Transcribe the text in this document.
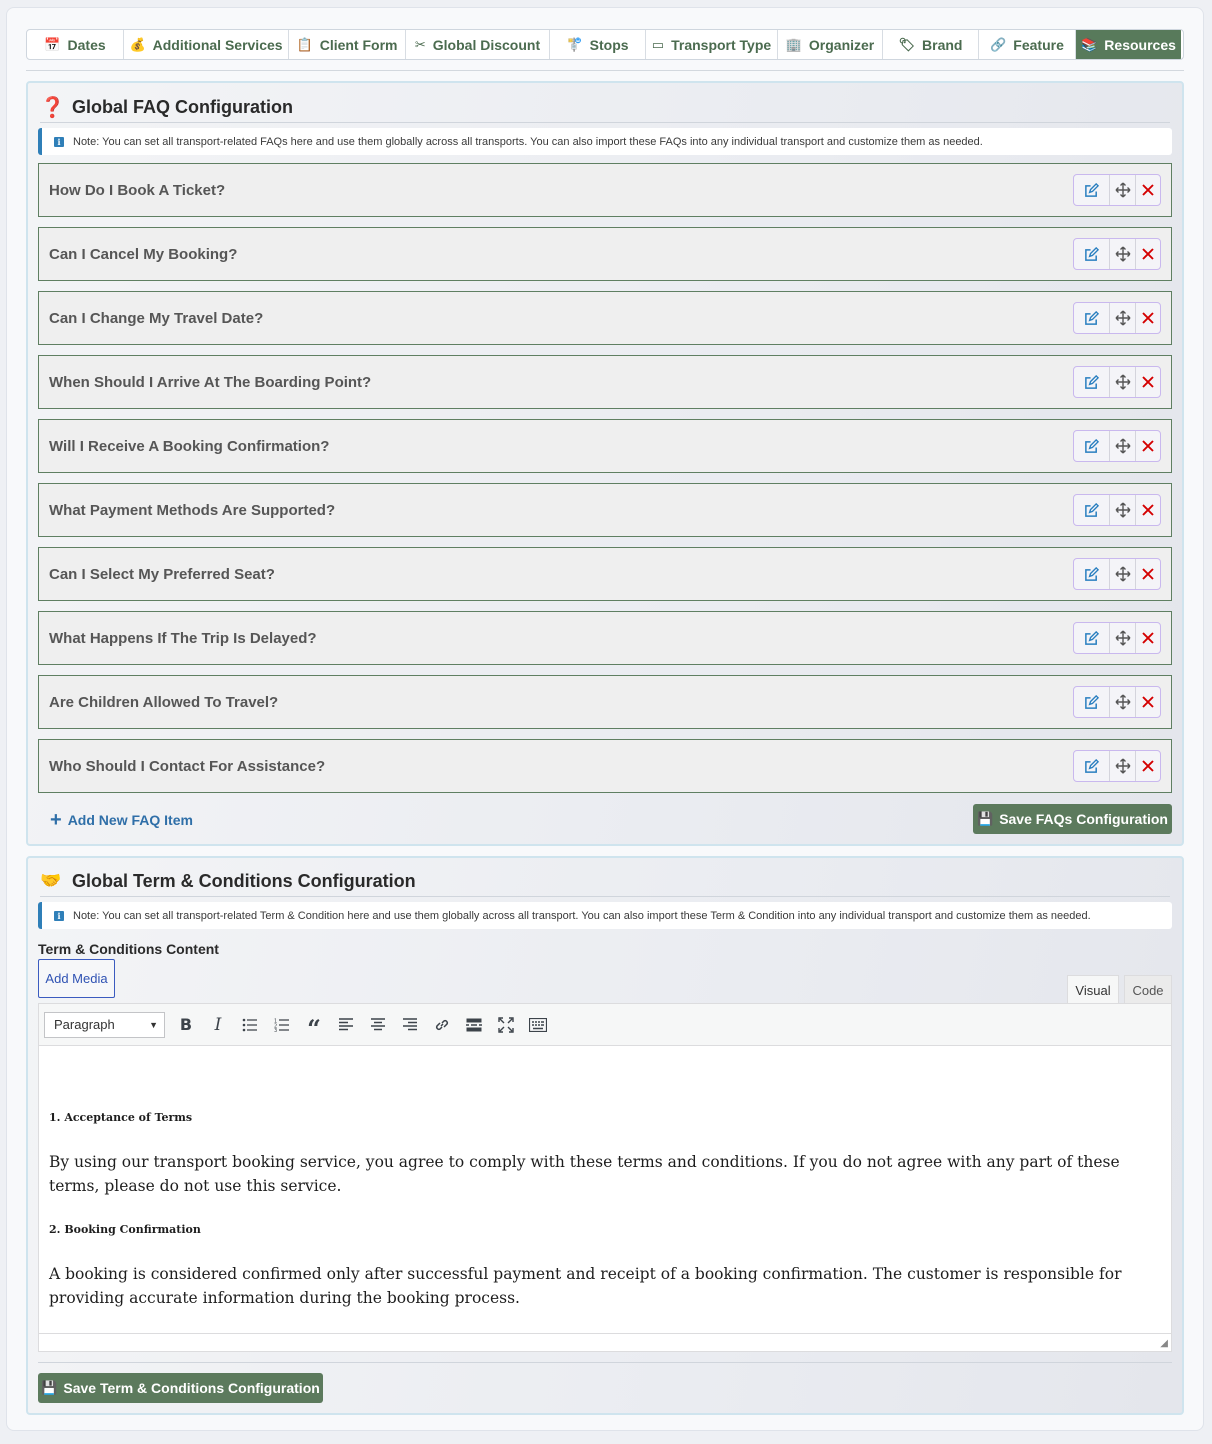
📅 Dates 💰 Additional Services 📋 Client Form ✂ Global Discount 🚏 Stops ▭ Transport Type 🏢 Organizer 🏷 Brand 🔗 Feature 📚 Resources
❓ Global FAQ Configuration
i	Note: You can set all transport-related FAQs here and use them globally across all transports. You can also import these FAQs into any individual transport and customize them as needed.
How Do I Book A Ticket?
Can I Cancel My Booking?
Can I Change My Travel Date?
When Should I Arrive At The Boarding Point?
Will I Receive A Booking Confirmation?
What Payment Methods Are Supported?
Can I Select My Preferred Seat?
What Happens If The Trip Is Delayed?
Are Children Allowed To Travel?
Who Should I Contact For Assistance?
+ Add New FAQ Item	💾 Save FAQs Configuration
🤝 Global Term & Conditions Configuration
i	Note: You can set all transport-related Term & Condition here and use them globally across all transport. You can also import these Term & Condition into any individual transport and customize them as needed.
Term & Conditions Content
Add Media
Visual	Code
Paragraph	▼	B	I	1
2
3	“

1. Acceptance of Terms

By using our transport booking service, you agree to comply with these terms and conditions. If you do not agree with any part of these terms, please do not use this service.

2. Booking Confirmation

A booking is considered confirmed only after successful payment and receipt of a booking confirmation. The customer is responsible for providing accurate information during the booking process.

◢
💾 Save Term & Conditions Configuration
